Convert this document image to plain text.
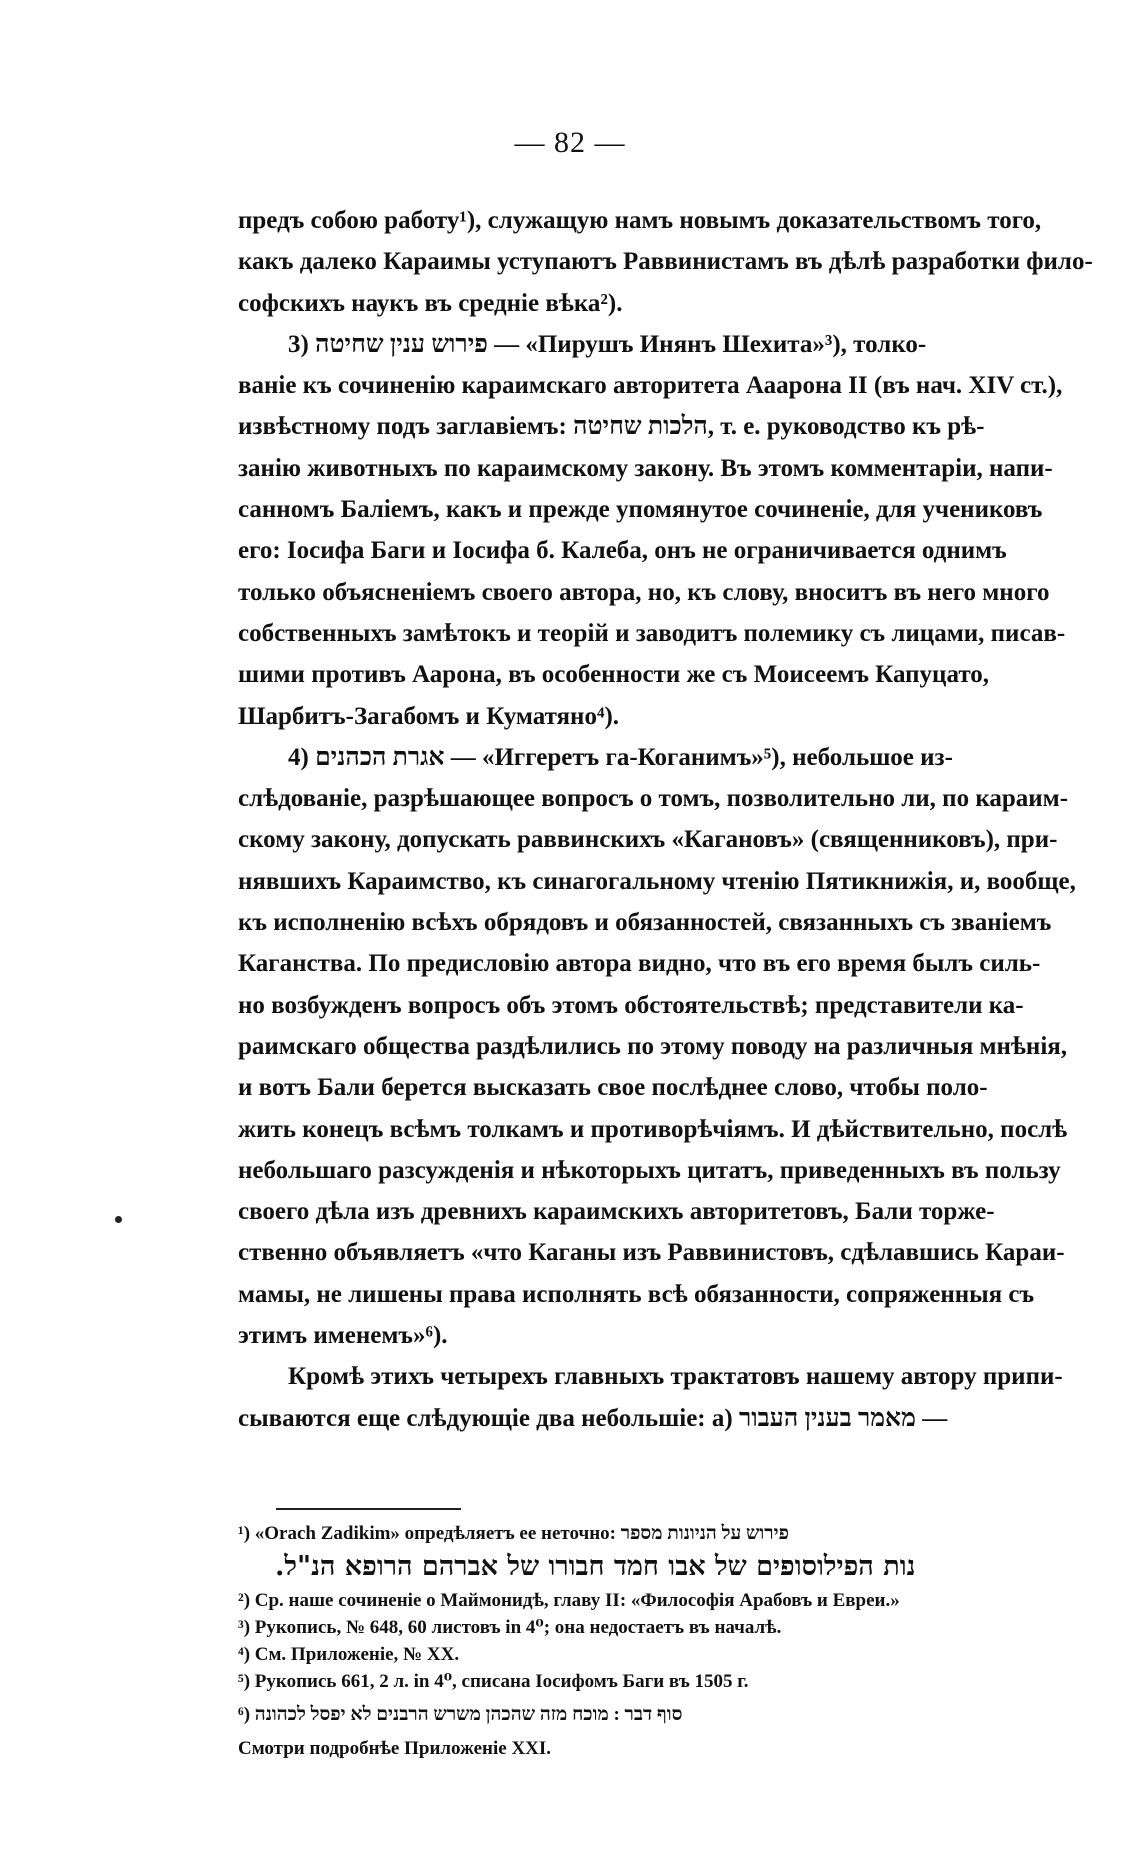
— 82 —
предъ собою работу¹), служащую намъ новымъ доказательствомъ того,
какъ далеко Караимы уступаютъ Раввинистамъ въ дѣлѣ разработки фило-
софскихъ наукъ въ средніе вѣка²).
3) פירוש ענין שחיטה — «Пирушъ Инянъ Шехита»³), толко-
ваніе къ сочиненію караимскаго авторитета Ааарона II (въ нач. XIV ст.),
извѣстному подъ заглавіемъ: הלכות שחיטה, т. е. руководство къ рѣ-
занію животныхъ по караимскому закону. Въ этомъ комментаріи, напи-
санномъ Баліемъ, какъ и прежде упомянутое сочиненіе, для учениковъ
его: Іосифа Баги и Іосифа б. Калеба, онъ не ограничивается однимъ
только объясненіемъ своего автора, но, къ слову, вноситъ въ него много
собственныхъ замѣтокъ и теорій и заводитъ полемику съ лицами, писав-
шими противъ Аарона, въ особенности же съ Моисеемъ Капуцато,
Шарбитъ-Загабомъ и Куматяно⁴).
4) אגרת הכהנים — «Иггеретъ га-Коганимъ»⁵), небольшое из-
слѣдованіе, разрѣшающее вопросъ о томъ, позволительно ли, по караим-
скому закону, допускать раввинскихъ «Кагановъ» (священниковъ), при-
нявшихъ Караимство, къ синагогальному чтенію Пятикнижія, и, вообще,
къ исполненію всѣхъ обрядовъ и обязанностей, связанныхъ съ званіемъ
Каганства. По предисловію автора видно, что въ его время былъ силь-
но возбужденъ вопросъ объ этомъ обстоятельствѣ; представители ка-
раимскаго общества раздѣлились по этому поводу на различныя мнѣнія,
и вотъ Бали берется высказать свое послѣднее слово, чтобы поло-
жить конецъ всѣмъ толкамъ и противорѣчіямъ. И дѣйствительно, послѣ
небольшаго разсужденія и нѣкоторыхъ цитатъ, приведенныхъ въ пользу
своего дѣла изъ древнихъ караимскихъ авторитетовъ, Бали торже-
ственно объявляетъ «что Каганы изъ Раввинистовъ, сдѣлавшись Караи-
мамы, не лишены права исполнять всѣ обязанности, сопряженныя съ
этимъ именемъ»⁶).
Кромѣ этихъ четырехъ главныхъ трактатовъ нашему автору припи-
сываются еще слѣдующіе два небольшіе: а) מאמר בענין העבור —
¹) «Orach Zadikim» опредѣляетъ ее неточно: פירוש על הניונות מספר
נות הפילוסופים של אבו חמד חבורו של אברהם הרופא הנ"ל.
²) Ср. наше сочиненіе о Маймонидѣ, главу II: «Философія Арабовъ и Евреи.»
³) Рукопись, № 648, 60 листовъ in 4⁰; она недостаетъ въ началѣ.
⁴) См. Приложеніе, № XX.
⁵) Рукопись 661, 2 л. in 4⁰, списана Іосифомъ Баги въ 1505 г.
⁶) סוף דבר : מוכח מזה שהכהן משרש הרבנים לא יפסל לכהונה
Смотри подробнѣе Приложеніе XXI.
